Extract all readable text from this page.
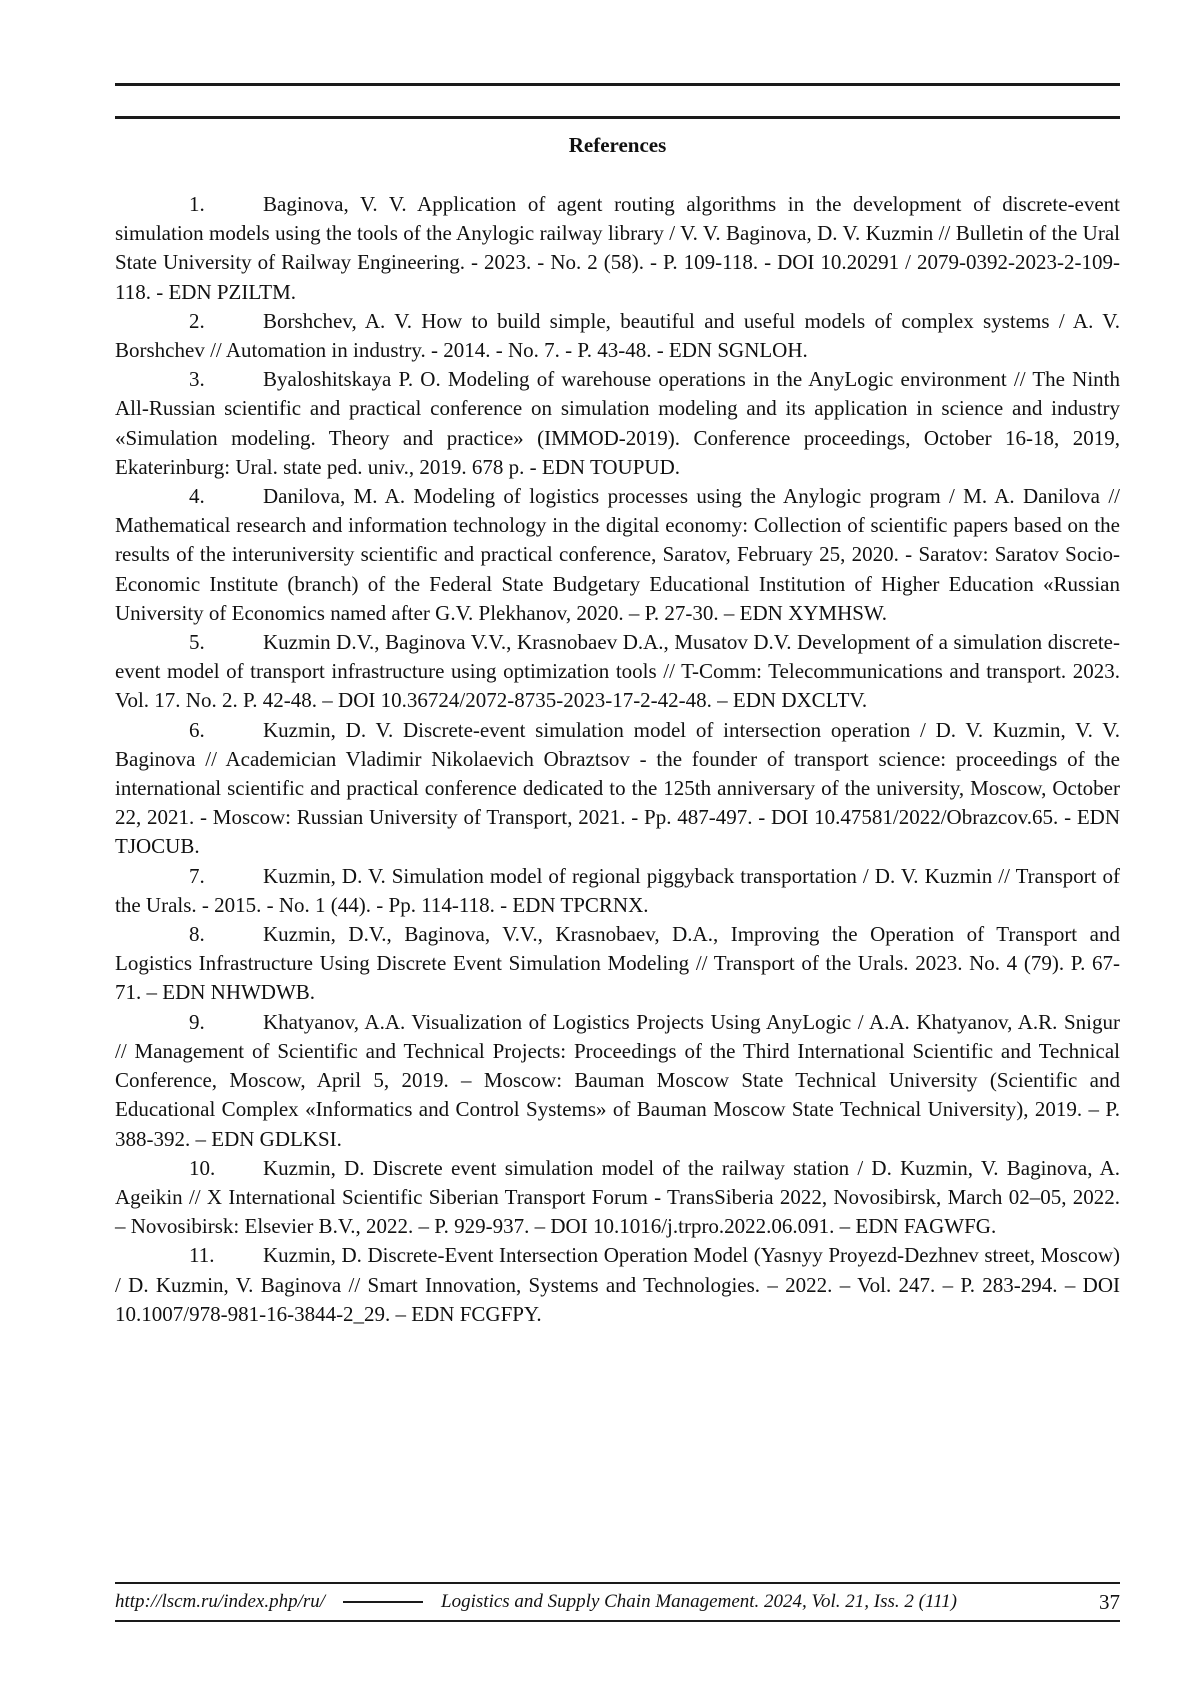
References

1.	Baginova, V. V. Application of agent routing algorithms in the development of discrete-event simulation models using the tools of the Anylogic railway library / V. V. Baginova, D. V. Kuzmin // Bulletin of the Ural State University of Railway Engineering. - 2023. - No. 2 (58). - P. 109-118. - DOI 10.20291 / 2079-0392-2023-2-109-118. - EDN PZILTM.

2.	Borshchev, A. V. How to build simple, beautiful and useful models of complex systems / A. V. Borshchev // Automation in industry. - 2014. - No. 7. - P. 43-48. - EDN SGNLOH.

3.	Byaloshitskaya P. O. Modeling of warehouse operations in the AnyLogic environment // The Ninth All-Russian scientific and practical conference on simulation modeling and its application in science and industry «Simulation modeling. Theory and practice» (IMMOD-2019). Conference proceedings, October 16-18, 2019, Ekaterinburg: Ural. state ped. univ., 2019. 678 p. - EDN TOUPUD.

4.	Danilova, M. A. Modeling of logistics processes using the Anylogic program / M. A. Danilova // Mathematical research and information technology in the digital economy: Collection of scientific papers based on the results of the interuniversity scientific and practical conference, Saratov, February 25, 2020. - Saratov: Saratov Socio-Economic Institute (branch) of the Federal State Budgetary Educational Institution of Higher Education «Russian University of Economics named after G.V. Plekhanov, 2020. – P. 27-30. – EDN XYMHSW.

5.	Kuzmin D.V., Baginova V.V., Krasnobaev D.A., Musatov D.V. Development of a simulation discrete-event model of transport infrastructure using optimization tools // T-Comm: Telecommunications and transport. 2023. Vol. 17. No. 2. P. 42-48. – DOI 10.36724/2072-8735-2023-17-2-42-48. – EDN DXCLTV.

6.	Kuzmin, D. V. Discrete-event simulation model of intersection operation / D. V. Kuzmin, V. V. Baginova // Academician Vladimir Nikolaevich Obraztsov - the founder of transport science: proceedings of the international scientific and practical conference dedicated to the 125th anniversary of the university, Moscow, October 22, 2021. - Moscow: Russian University of Transport, 2021. - Pp. 487-497. - DOI 10.47581/2022/Obrazcov.65. - EDN TJOCUB.

7.	Kuzmin, D. V. Simulation model of regional piggyback transportation / D. V. Kuzmin // Transport of the Urals. - 2015. - No. 1 (44). - Pp. 114-118. - EDN TPCRNX.

8.	Kuzmin, D.V., Baginova, V.V., Krasnobaev, D.A., Improving the Operation of Transport and Logistics Infrastructure Using Discrete Event Simulation Modeling // Transport of the Urals. 2023. No. 4 (79). P. 67-71. – EDN NHWDWB.

9.	Khatyanov, A.A. Visualization of Logistics Projects Using AnyLogic / A.A. Khatyanov, A.R. Snigur // Management of Scientific and Technical Projects: Proceedings of the Third International Scientific and Technical Conference, Moscow, April 5, 2019. – Moscow: Bauman Moscow State Technical University (Scientific and Educational Complex «Informatics and Control Systems» of Bauman Moscow State Technical University), 2019. – P. 388-392. – EDN GDLKSI.

10. Kuzmin, D. Discrete event simulation model of the railway station / D. Kuzmin, V. Baginova, A. Ageikin // X International Scientific Siberian Transport Forum - TransSiberia 2022, Novosibirsk, March 02–05, 2022. – Novosibirsk: Elsevier B.V., 2022. – P. 929-937. – DOI 10.1016/j.trpro.2022.06.091. – EDN FAGWFG.

11. Kuzmin, D. Discrete-Event Intersection Operation Model (Yasnyy Proyezd-Dezhnev street, Moscow) / D. Kuzmin, V. Baginova // Smart Innovation, Systems and Technologies. – 2022. – Vol. 247. – P. 283-294. – DOI 10.1007/978-981-16-3844-2_29. – EDN FCGFPY.

http://lscm.ru/index.php/ru/	Logistics and Supply Chain Management. 2024, Vol. 21, Iss. 2 (111)	37
